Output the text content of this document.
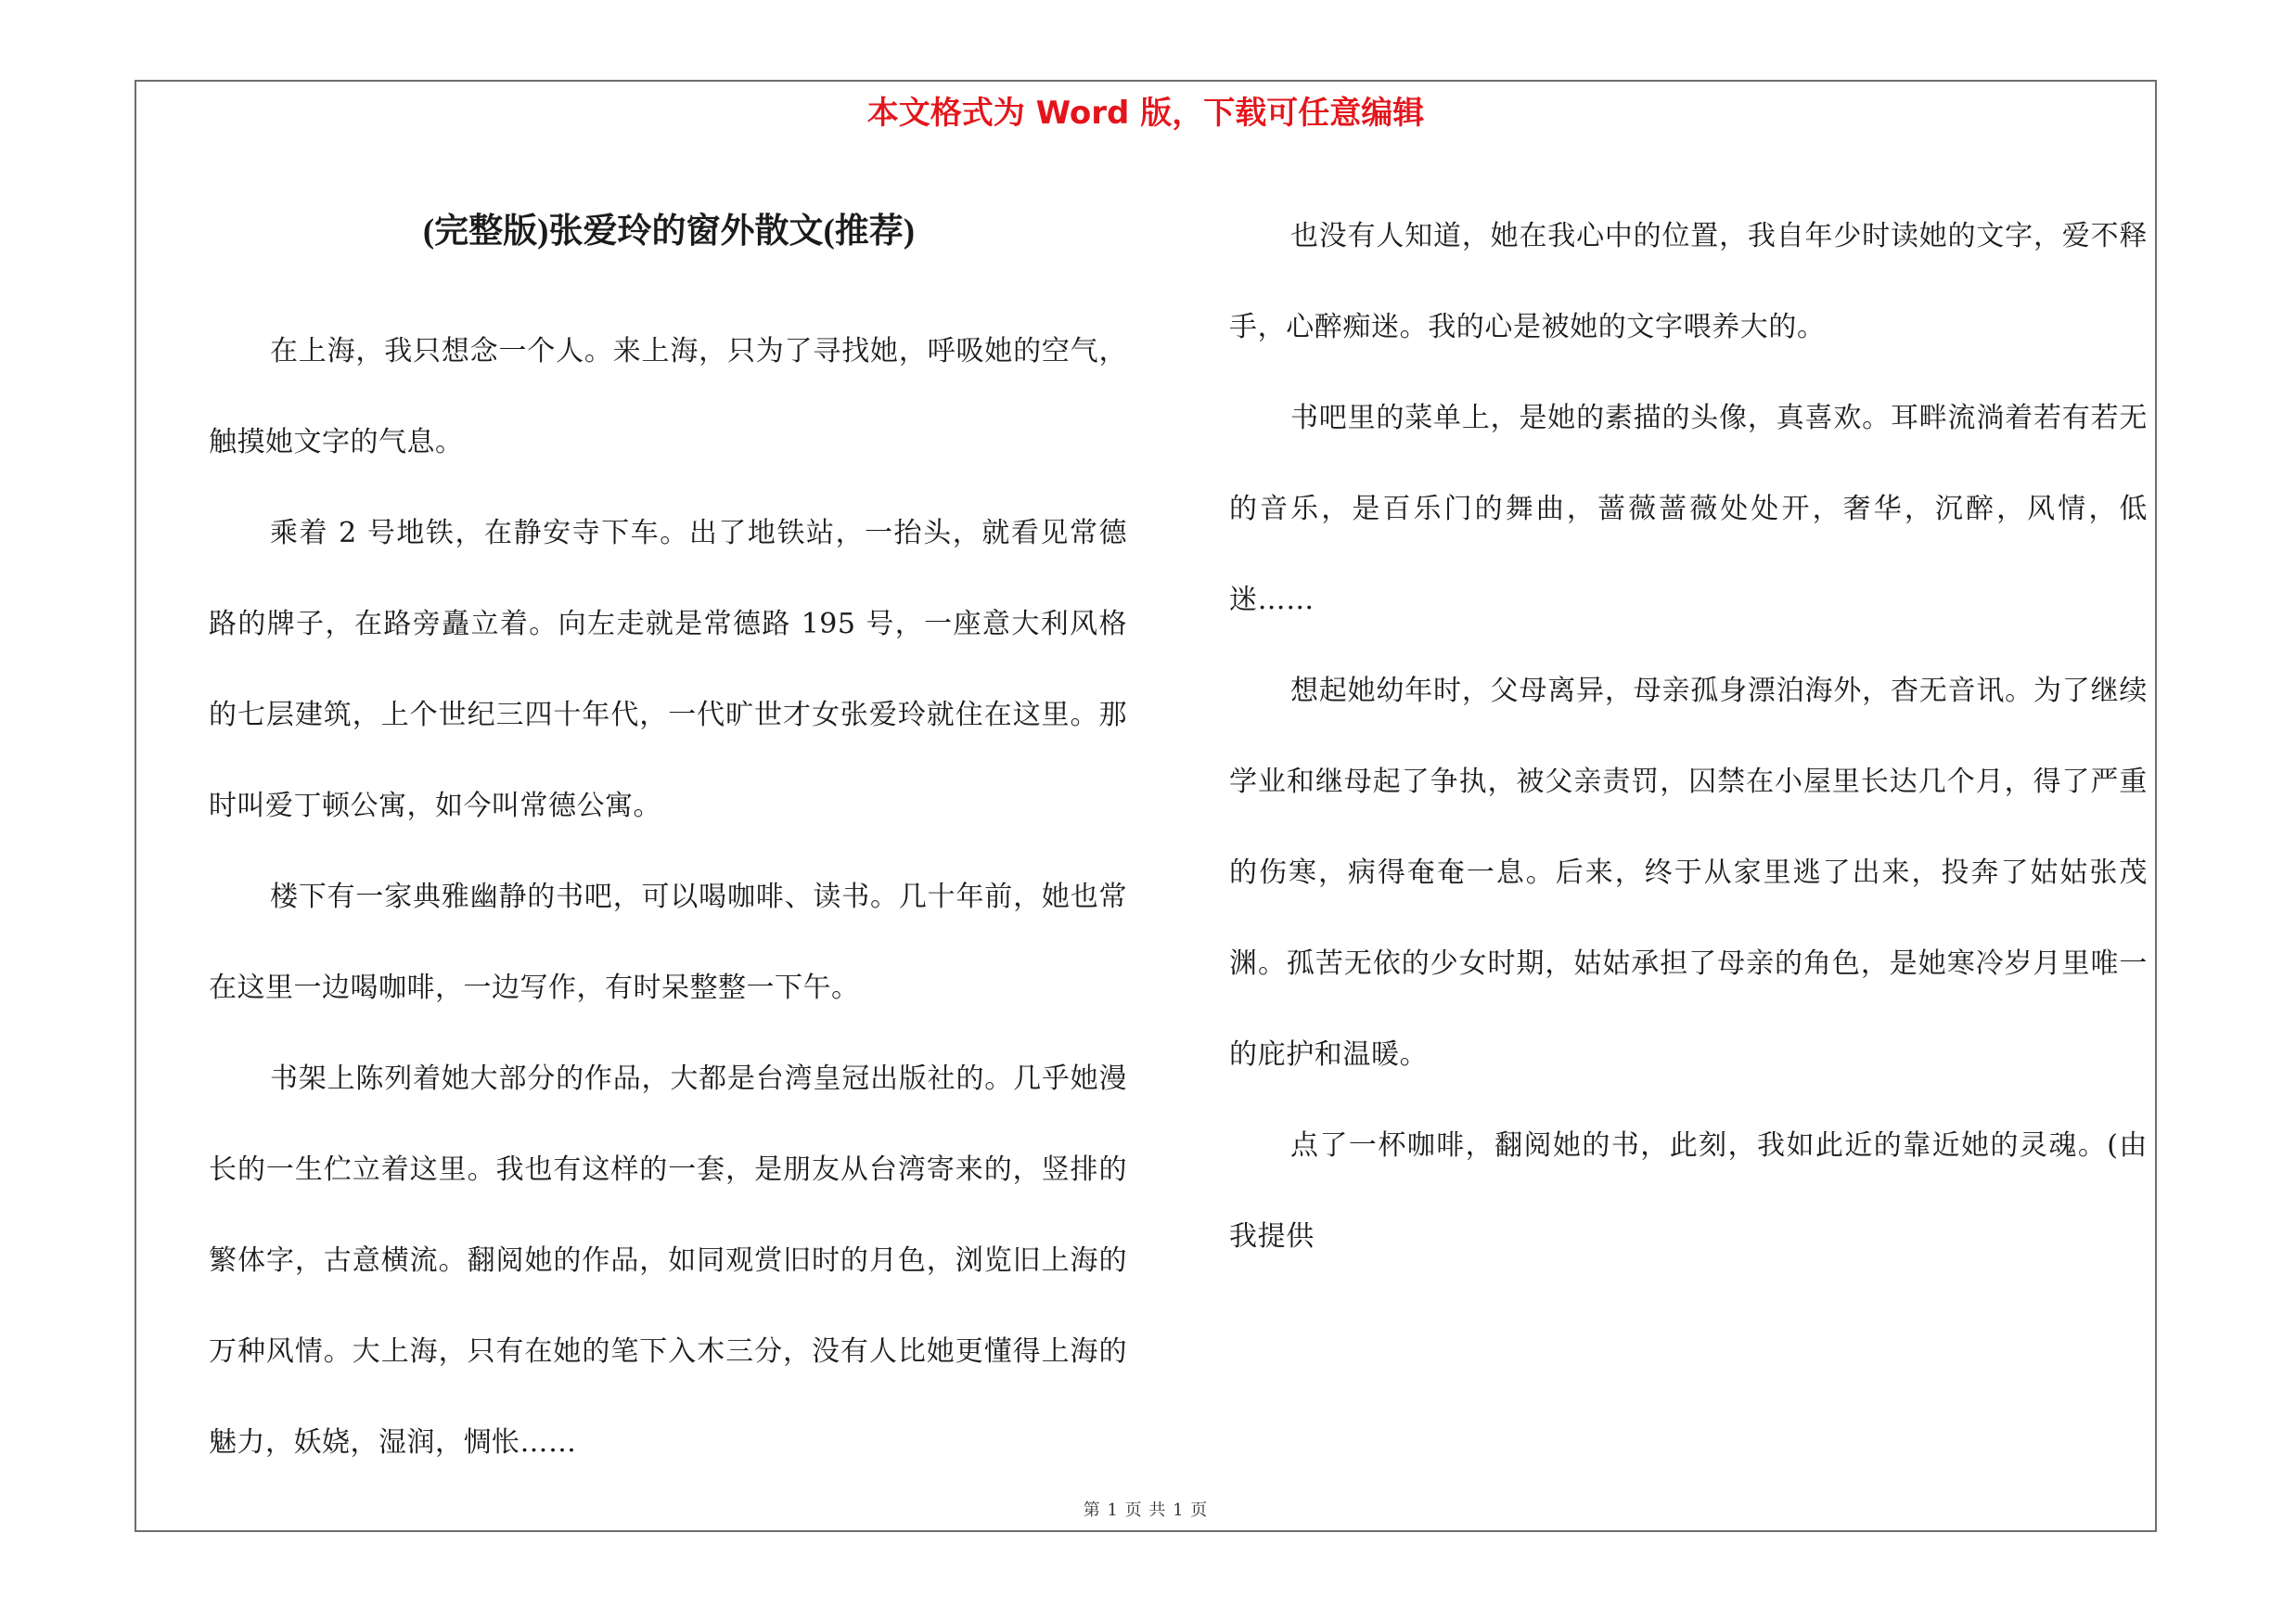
本文格式为 Word 版，下载可任意编辑
(完整版)张爱玲的窗外散文(推荐)

在上海，我只想念一个人。来上海，只为了寻找她，呼吸她的空气，触摸她文字的气息。

乘着 2 号地铁，在静安寺下车。出了地铁站，一抬头，就看见常德路的牌子，在路旁矗立着。向左走就是常德路 195 号，一座意大利风格的七层建筑，上个世纪三四十年代，一代旷世才女张爱玲就住在这里。那时叫爱丁顿公寓，如今叫常德公寓。

楼下有一家典雅幽静的书吧，可以喝咖啡、读书。几十年前，她也常在这里一边喝咖啡，一边写作，有时呆整整一下午。

书架上陈列着她大部分的作品，大都是台湾皇冠出版社的。几乎她漫长的一生伫立着这里。我也有这样的一套，是朋友从台湾寄来的，竖排的繁体字，古意横流。翻阅她的作品，如同观赏旧时的月色，浏览旧上海的万种风情。大上海，只有在她的笔下入木三分，没有人比她更懂得上海的魅力，妖娆，湿润，惆怅……

也没有人知道，她在我心中的位置，我自年少时读她的文字，爱不释手，心醉痴迷。我的心是被她的文字喂养大的。

书吧里的菜单上，是她的素描的头像，真喜欢。耳畔流淌着若有若无的音乐，是百乐门的舞曲，蔷薇蔷薇处处开，奢华，沉醉，风情，低迷……

想起她幼年时，父母离异，母亲孤身漂泊海外，杳无音讯。为了继续学业和继母起了争执，被父亲责罚，囚禁在小屋里长达几个月，得了严重的伤寒，病得奄奄一息。后来，终于从家里逃了出来，投奔了姑姑张茂渊。孤苦无依的少女时期，姑姑承担了母亲的角色，是她寒冷岁月里唯一的庇护和温暖。

点了一杯咖啡，翻阅她的书，此刻，我如此近的靠近她的灵魂。(由我提供

第 1 页 共 1 页
